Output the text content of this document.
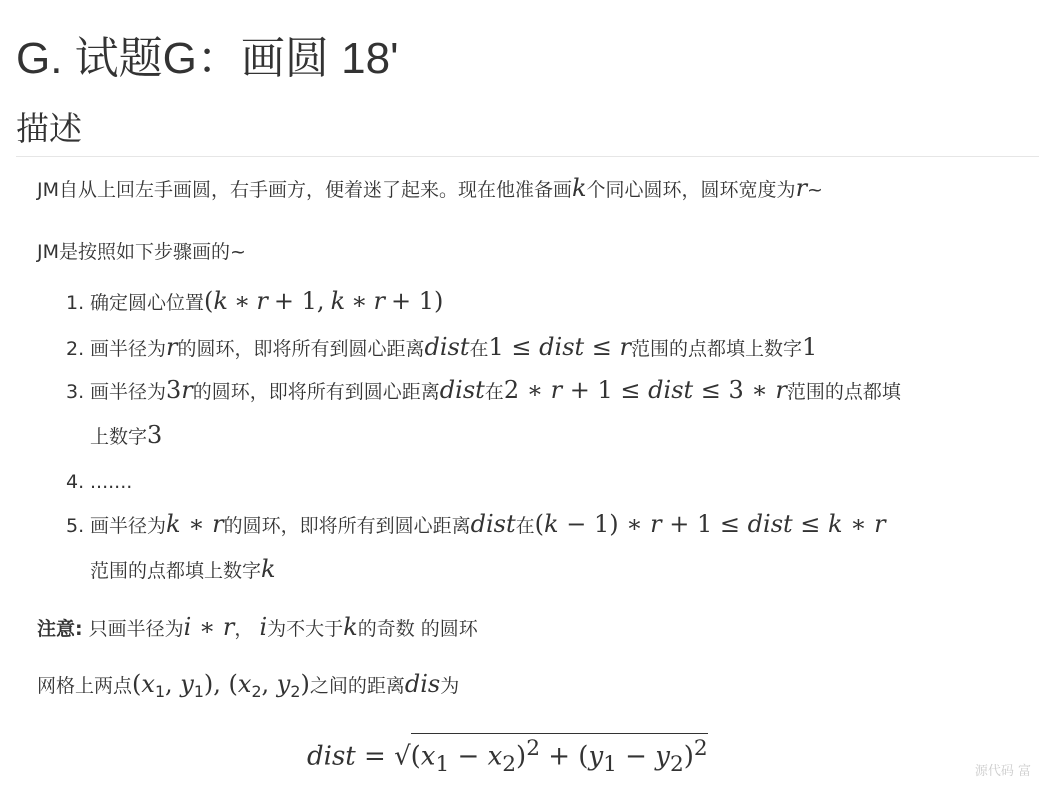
G. 试题G：画圆 18'
描述

JM自从上回左手画圆，右手画方，便着迷了起来。现在他准备画k个同心圆环，圆环宽度为r~

JM是按照如下步骤画的~

1. 确定圆心位置(k ∗ r + 1, k ∗ r + 1)
2. 画半径为r的圆环，即将所有到圆心距离dist在1 ≤ dist ≤ r范围的点都填上数字1
3. 画半径为3r的圆环，即将所有到圆心距离dist在2 ∗ r + 1 ≤ dist ≤ 3 ∗ r范围的点都填
上数字3
4. .......
5. 画半径为k ∗ r的圆环，即将所有到圆心距离dist在(k − 1) ∗ r + 1 ≤ dist ≤ k ∗ r
范围的点都填上数字k

注意: 只画半径为i ∗ r， i为不大于k的奇数 的圆环

网格上两点($x_1$, $y_1$), ($x_2$, $y_2$)之间的距离dis为

dist = $√(x_1 - x_2)^2 + (y_1 - y_2)^2$
源代码 富
